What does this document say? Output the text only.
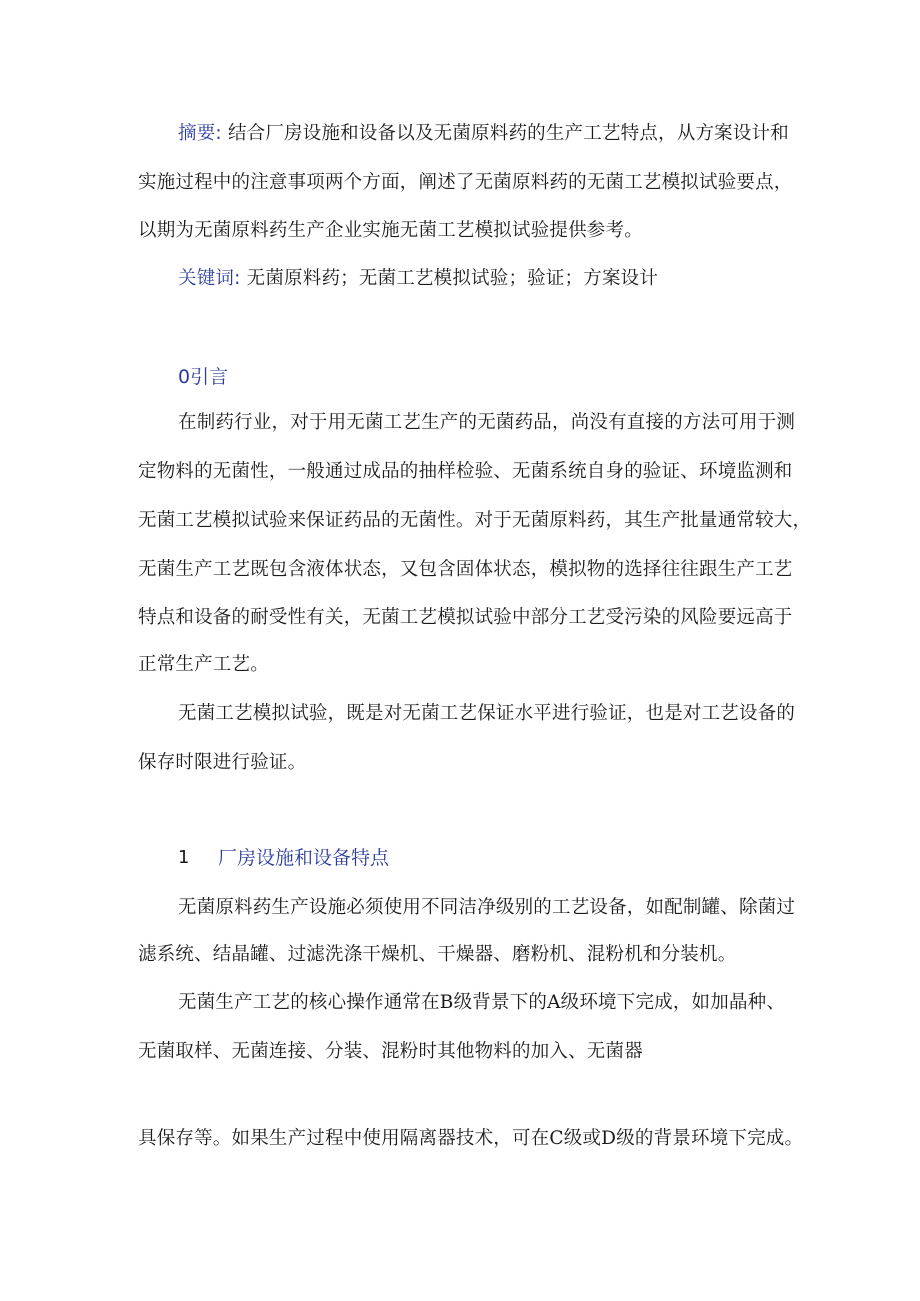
摘要: 结合厂房设施和设备以及无菌原料药的生产工艺特点，从方案设计和
实施过程中的注意事项两个方面，阐述了无菌原料药的无菌工艺模拟试验要点，
以期为无菌原料药生产企业实施无菌工艺模拟试验提供参考。
关键词: 无菌原料药；无菌工艺模拟试验；验证；方案设计
0引言
在制药行业，对于用无菌工艺生产的无菌药品，尚没有直接的方法可用于测
定物料的无菌性，一般通过成品的抽样检验、无菌系统自身的验证、环境监测和
无菌工艺模拟试验来保证药品的无菌性。对于无菌原料药，其生产批量通常较大，
无菌生产工艺既包含液体状态，又包含固体状态，模拟物的选择往往跟生产工艺
特点和设备的耐受性有关，无菌工艺模拟试验中部分工艺受污染的风险要远高于
正常生产工艺。
无菌工艺模拟试验，既是对无菌工艺保证水平进行验证，也是对工艺设备的
保存时限进行验证。
1 厂房设施和设备特点
无菌原料药生产设施必须使用不同洁净级别的工艺设备，如配制罐、除菌过
滤系统、结晶罐、过滤洗涤干燥机、干燥器、磨粉机、混粉机和分装机。
无菌生产工艺的核心操作通常在B级背景下的A级环境下完成，如加晶种、
无菌取样、无菌连接、分装、混粉时其他物料的加入、无菌器
具保存等。如果生产过程中使用隔离器技术，可在C级或D级的背景环境下完成。
